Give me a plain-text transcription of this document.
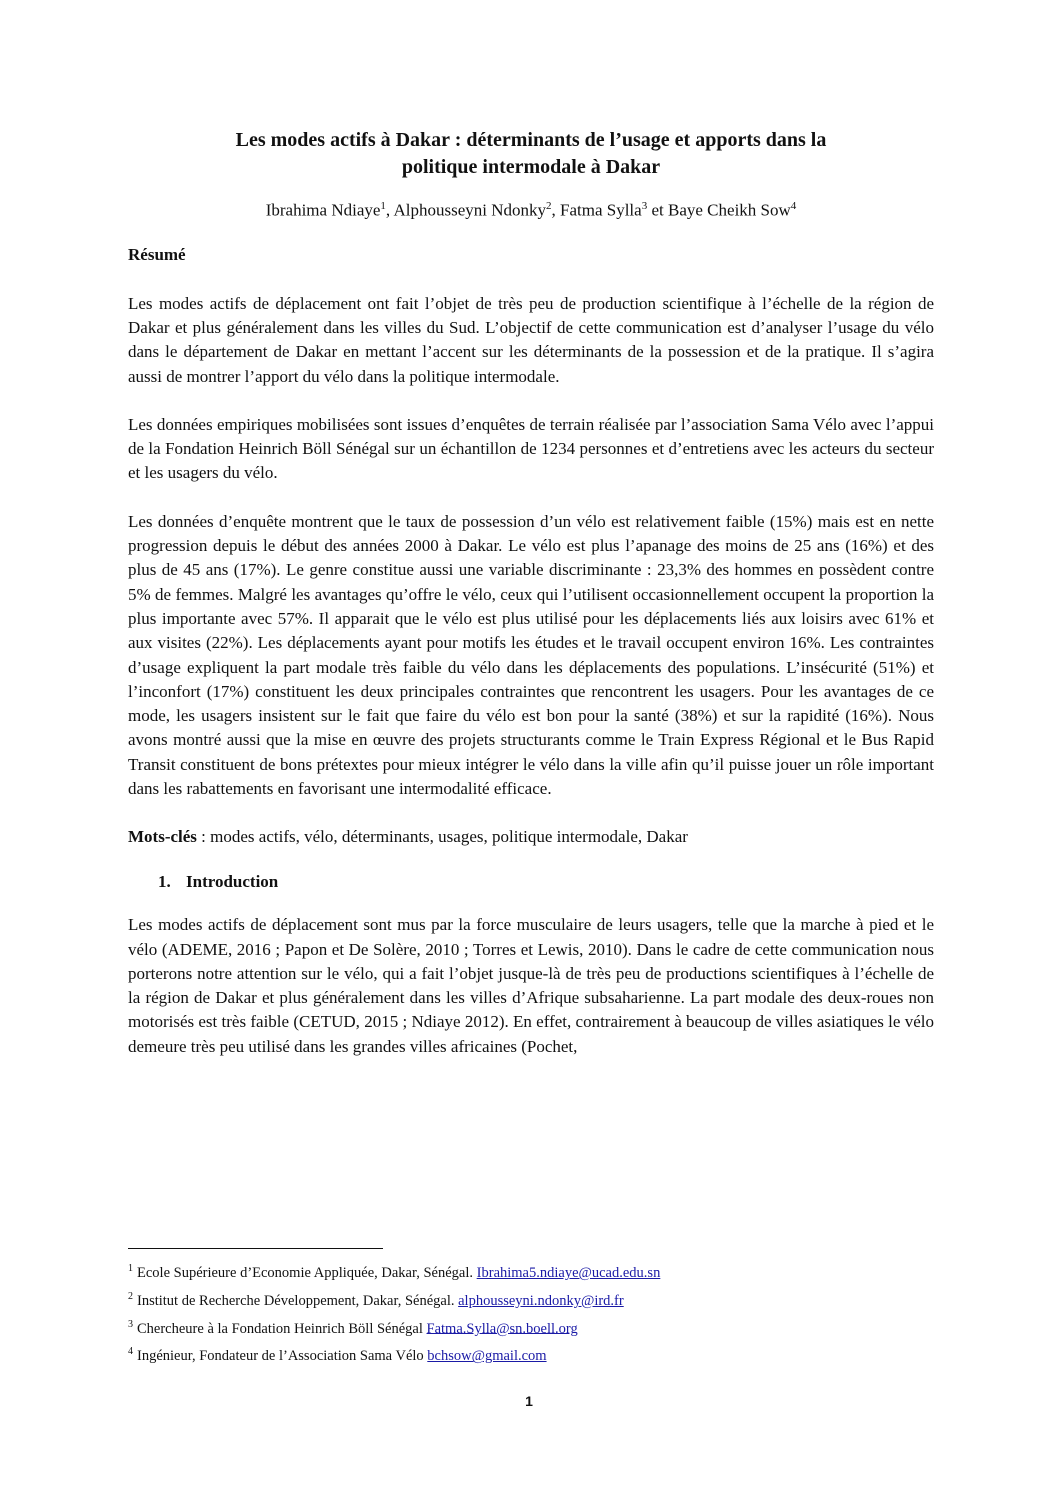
Les modes actifs à Dakar : déterminants de l’usage et apports dans la
politique intermodale à Dakar
Ibrahima Ndiaye$^1$, Alphousseyni Ndonky$^2$, Fatma Sylla$^3$ et Baye Cheikh Sow$^4$
Résumé

Les modes actifs de déplacement ont fait l’objet de très peu de production scientifique à l’échelle de la région de Dakar et plus généralement dans les villes du Sud. L’objectif de cette communication est d’analyser l’usage du vélo dans le département de Dakar en mettant l’accent sur les déterminants de la possession et de la pratique. Il s’agira aussi de montrer l’apport du vélo dans la politique intermodale.

Les données empiriques mobilisées sont issues d’enquêtes de terrain réalisée par l’association Sama Vélo avec l’appui de la Fondation Heinrich Böll Sénégal sur un échantillon de 1234 personnes et d’entretiens avec les acteurs du secteur et les usagers du vélo.

Les données d’enquête montrent que le taux de possession d’un vélo est relativement faible (15%) mais est en nette progression depuis le début des années 2000 à Dakar. Le vélo est plus l’apanage des moins de 25 ans (16%) et des plus de 45 ans (17%). Le genre constitue aussi une variable discriminante : 23,3% des hommes en possèdent contre 5% de femmes. Malgré les avantages qu’offre le vélo, ceux qui l’utilisent occasionnellement occupent la proportion la plus importante avec 57%. Il apparait que le vélo est plus utilisé pour les déplacements liés aux loisirs avec 61% et aux visites (22%). Les déplacements ayant pour motifs les études et le travail occupent environ 16%. Les contraintes d’usage expliquent la part modale très faible du vélo dans les déplacements des populations. L’insécurité (51%) et l’inconfort (17%) constituent les deux principales contraintes que rencontrent les usagers. Pour les avantages de ce mode, les usagers insistent sur le fait que faire du vélo est bon pour la santé (38%) et sur la rapidité (16%). Nous avons montré aussi que la mise en œuvre des projets structurants comme le Train Express Régional et le Bus Rapid Transit constituent de bons prétextes pour mieux intégrer le vélo dans la ville afin qu’il puisse jouer un rôle important dans les rabattements en favorisant une intermodalité efficace.

Mots-clés : modes actifs, vélo, déterminants, usages, politique intermodale, Dakar
1. Introduction

Les modes actifs de déplacement sont mus par la force musculaire de leurs usagers, telle que la marche à pied et le vélo (ADEME, 2016 ; Papon et De Solère, 2010 ; Torres et Lewis, 2010). Dans le cadre de cette communication nous porterons notre attention sur le vélo, qui a fait l’objet jusque-là de très peu de productions scientifiques à l’échelle de la région de Dakar et plus généralement dans les villes d’Afrique subsaharienne. La part modale des deux-roues non motorisés est très faible (CETUD, 2015 ; Ndiaye 2012). En effet, contrairement à beaucoup de villes asiatiques le vélo demeure très peu utilisé dans les grandes villes africaines (Pochet,

$^1$ Ecole Supérieure d’Economie Appliquée, Dakar, Sénégal. Ibrahima5.ndiaye@ucad.edu.sn
$^2$ Institut de Recherche Développement, Dakar, Sénégal. alphousseyni.ndonky@ird.fr
$^3$ Chercheure à la Fondation Heinrich Böll Sénégal Fatma.Sylla@sn.boell.org
$^4$ Ingénieur, Fondateur de l’Association Sama Vélo bchsow@gmail.com
1
